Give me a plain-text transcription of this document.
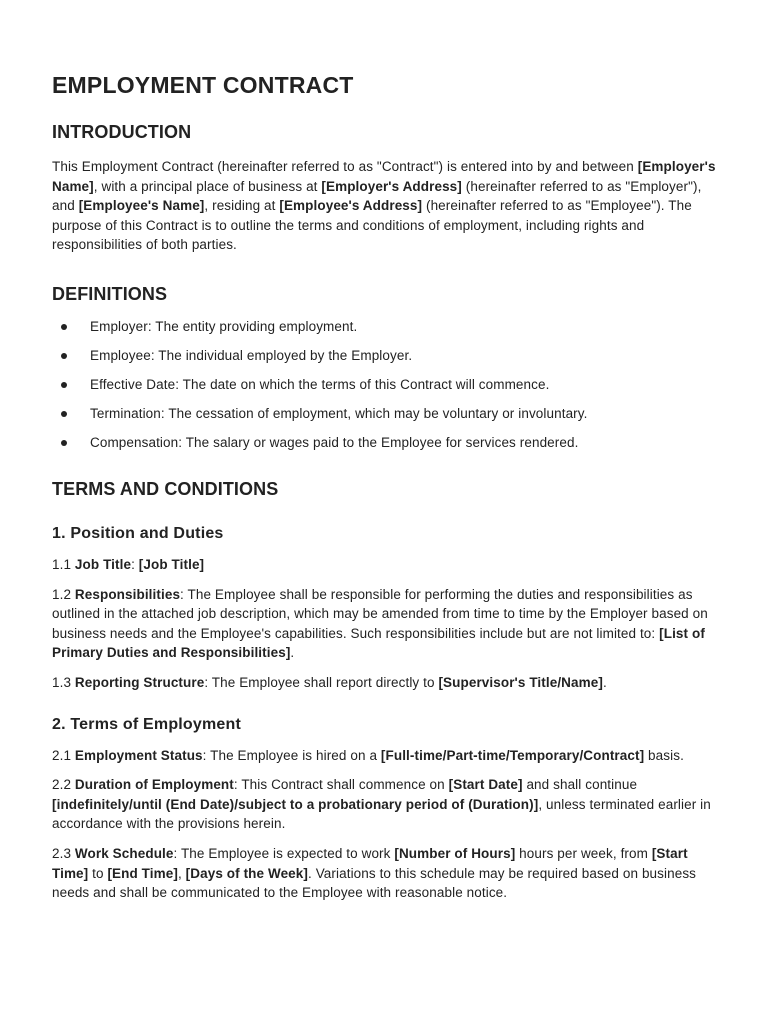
EMPLOYMENT CONTRACT
INTRODUCTION

This Employment Contract (hereinafter referred to as "Contract") is entered into by and between [Employer's Name], with a principal place of business at [Employer's Address] (hereinafter referred to as "Employer"), and [Employee's Name], residing at [Employee's Address] (hereinafter referred to as "Employee"). The purpose of this Contract is to outline the terms and conditions of employment, including rights and responsibilities of both parties.

DEFINITIONS
Employer: The entity providing employment.
Employee: The individual employed by the Employer.
Effective Date: The date on which the terms of this Contract will commence.
Termination: The cessation of employment, which may be voluntary or involuntary.
Compensation: The salary or wages paid to the Employee for services rendered.
TERMS AND CONDITIONS
1. Position and Duties

1.1 Job Title: [Job Title]

1.2 Responsibilities: The Employee shall be responsible for performing the duties and responsibilities as outlined in the attached job description, which may be amended from time to time by the Employer based on business needs and the Employee's capabilities. Such responsibilities include but are not limited to: [List of Primary Duties and Responsibilities].

1.3 Reporting Structure: The Employee shall report directly to [Supervisor's Title/Name].

2. Terms of Employment

2.1 Employment Status: The Employee is hired on a [Full-time/Part-time/Temporary/Contract] basis.

2.2 Duration of Employment: This Contract shall commence on [Start Date] and shall continue [indefinitely/until (End Date)/subject to a probationary period of (Duration)], unless terminated earlier in accordance with the provisions herein.

2.3 Work Schedule: The Employee is expected to work [Number of Hours] hours per week, from [Start Time] to [End Time], [Days of the Week]. Variations to this schedule may be required based on business needs and shall be communicated to the Employee with reasonable notice.
